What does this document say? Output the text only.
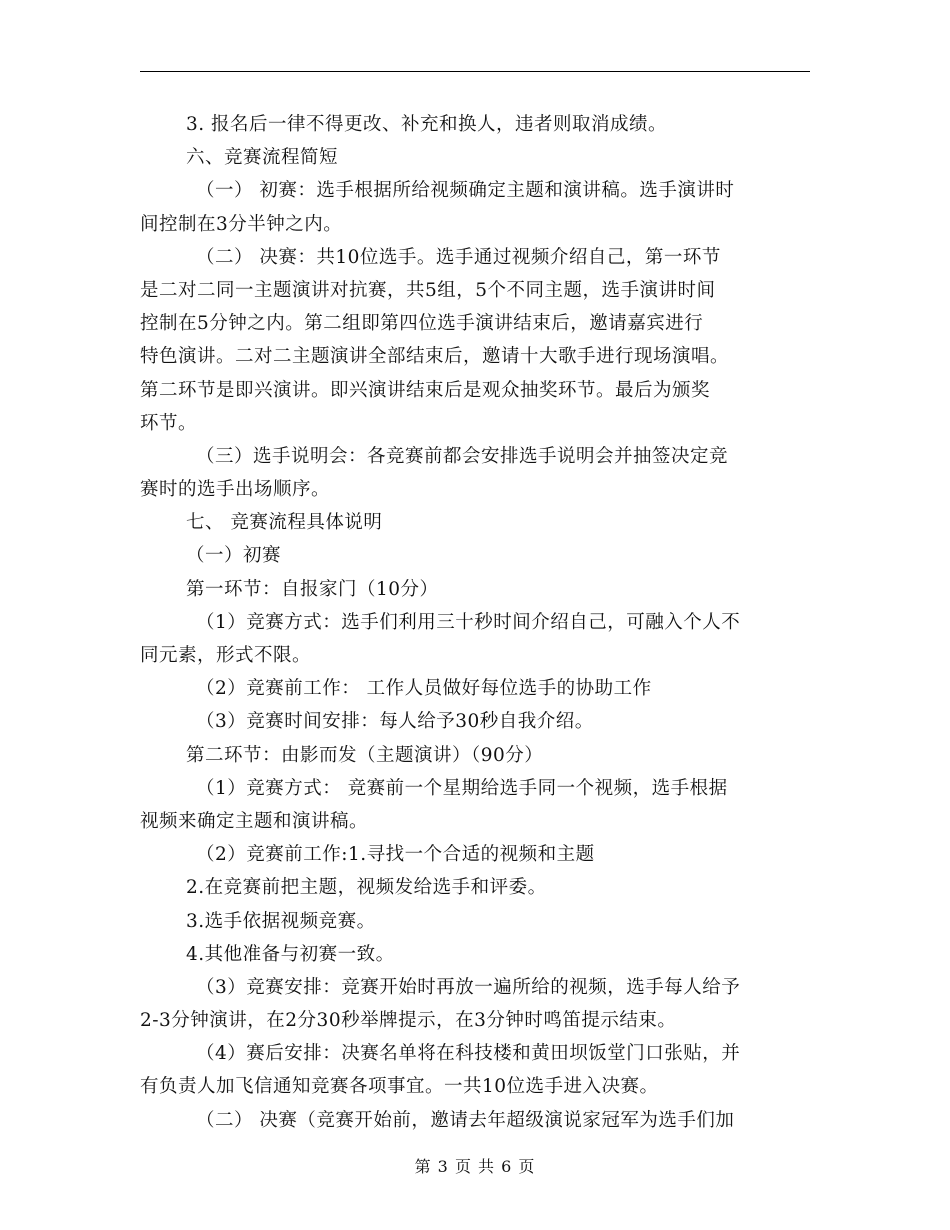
3. 报名后一律不得更改、补充和换人，违者则取消成绩。
六、竞赛流程简短
（一） 初赛：选手根据所给视频确定主题和演讲稿。选手演讲时
间控制在3分半钟之内。
（二） 决赛：共10位选手。选手通过视频介绍自己，第一环节
是二对二同一主题演讲对抗赛，共5组，5个不同主题，选手演讲时间
控制在5分钟之内。第二组即第四位选手演讲结束后，邀请嘉宾进行
特色演讲。二对二主题演讲全部结束后，邀请十大歌手进行现场演唱。
第二环节是即兴演讲。即兴演讲结束后是观众抽奖环节。最后为颁奖
环节。
（三）选手说明会：各竞赛前都会安排选手说明会并抽签决定竞
赛时的选手出场顺序。
七、 竞赛流程具体说明
（一）初赛
第一环节：自报家门（10分）
（1）竞赛方式：选手们利用三十秒时间介绍自己，可融入个人不
同元素，形式不限。
（2）竞赛前工作： 工作人员做好每位选手的协助工作
（3）竞赛时间安排：每人给予30秒自我介绍。
第二环节：由影而发（主题演讲）（90分）
（1）竞赛方式： 竞赛前一个星期给选手同一个视频，选手根据
视频来确定主题和演讲稿。
（2）竞赛前工作:1.寻找一个合适的视频和主题
2.在竞赛前把主题，视频发给选手和评委。
3.选手依据视频竞赛。
4.其他准备与初赛一致。
（3）竞赛安排：竞赛开始时再放一遍所给的视频，选手每人给予
2-3分钟演讲，在2分30秒举牌提示，在3分钟时鸣笛提示结束。
（4）赛后安排：决赛名单将在科技楼和黄田坝饭堂门口张贴，并
有负责人加飞信通知竞赛各项事宜。一共10位选手进入决赛。
（二） 决赛（竞赛开始前，邀请去年超级演说家冠军为选手们加
第 3 页 共 6 页
